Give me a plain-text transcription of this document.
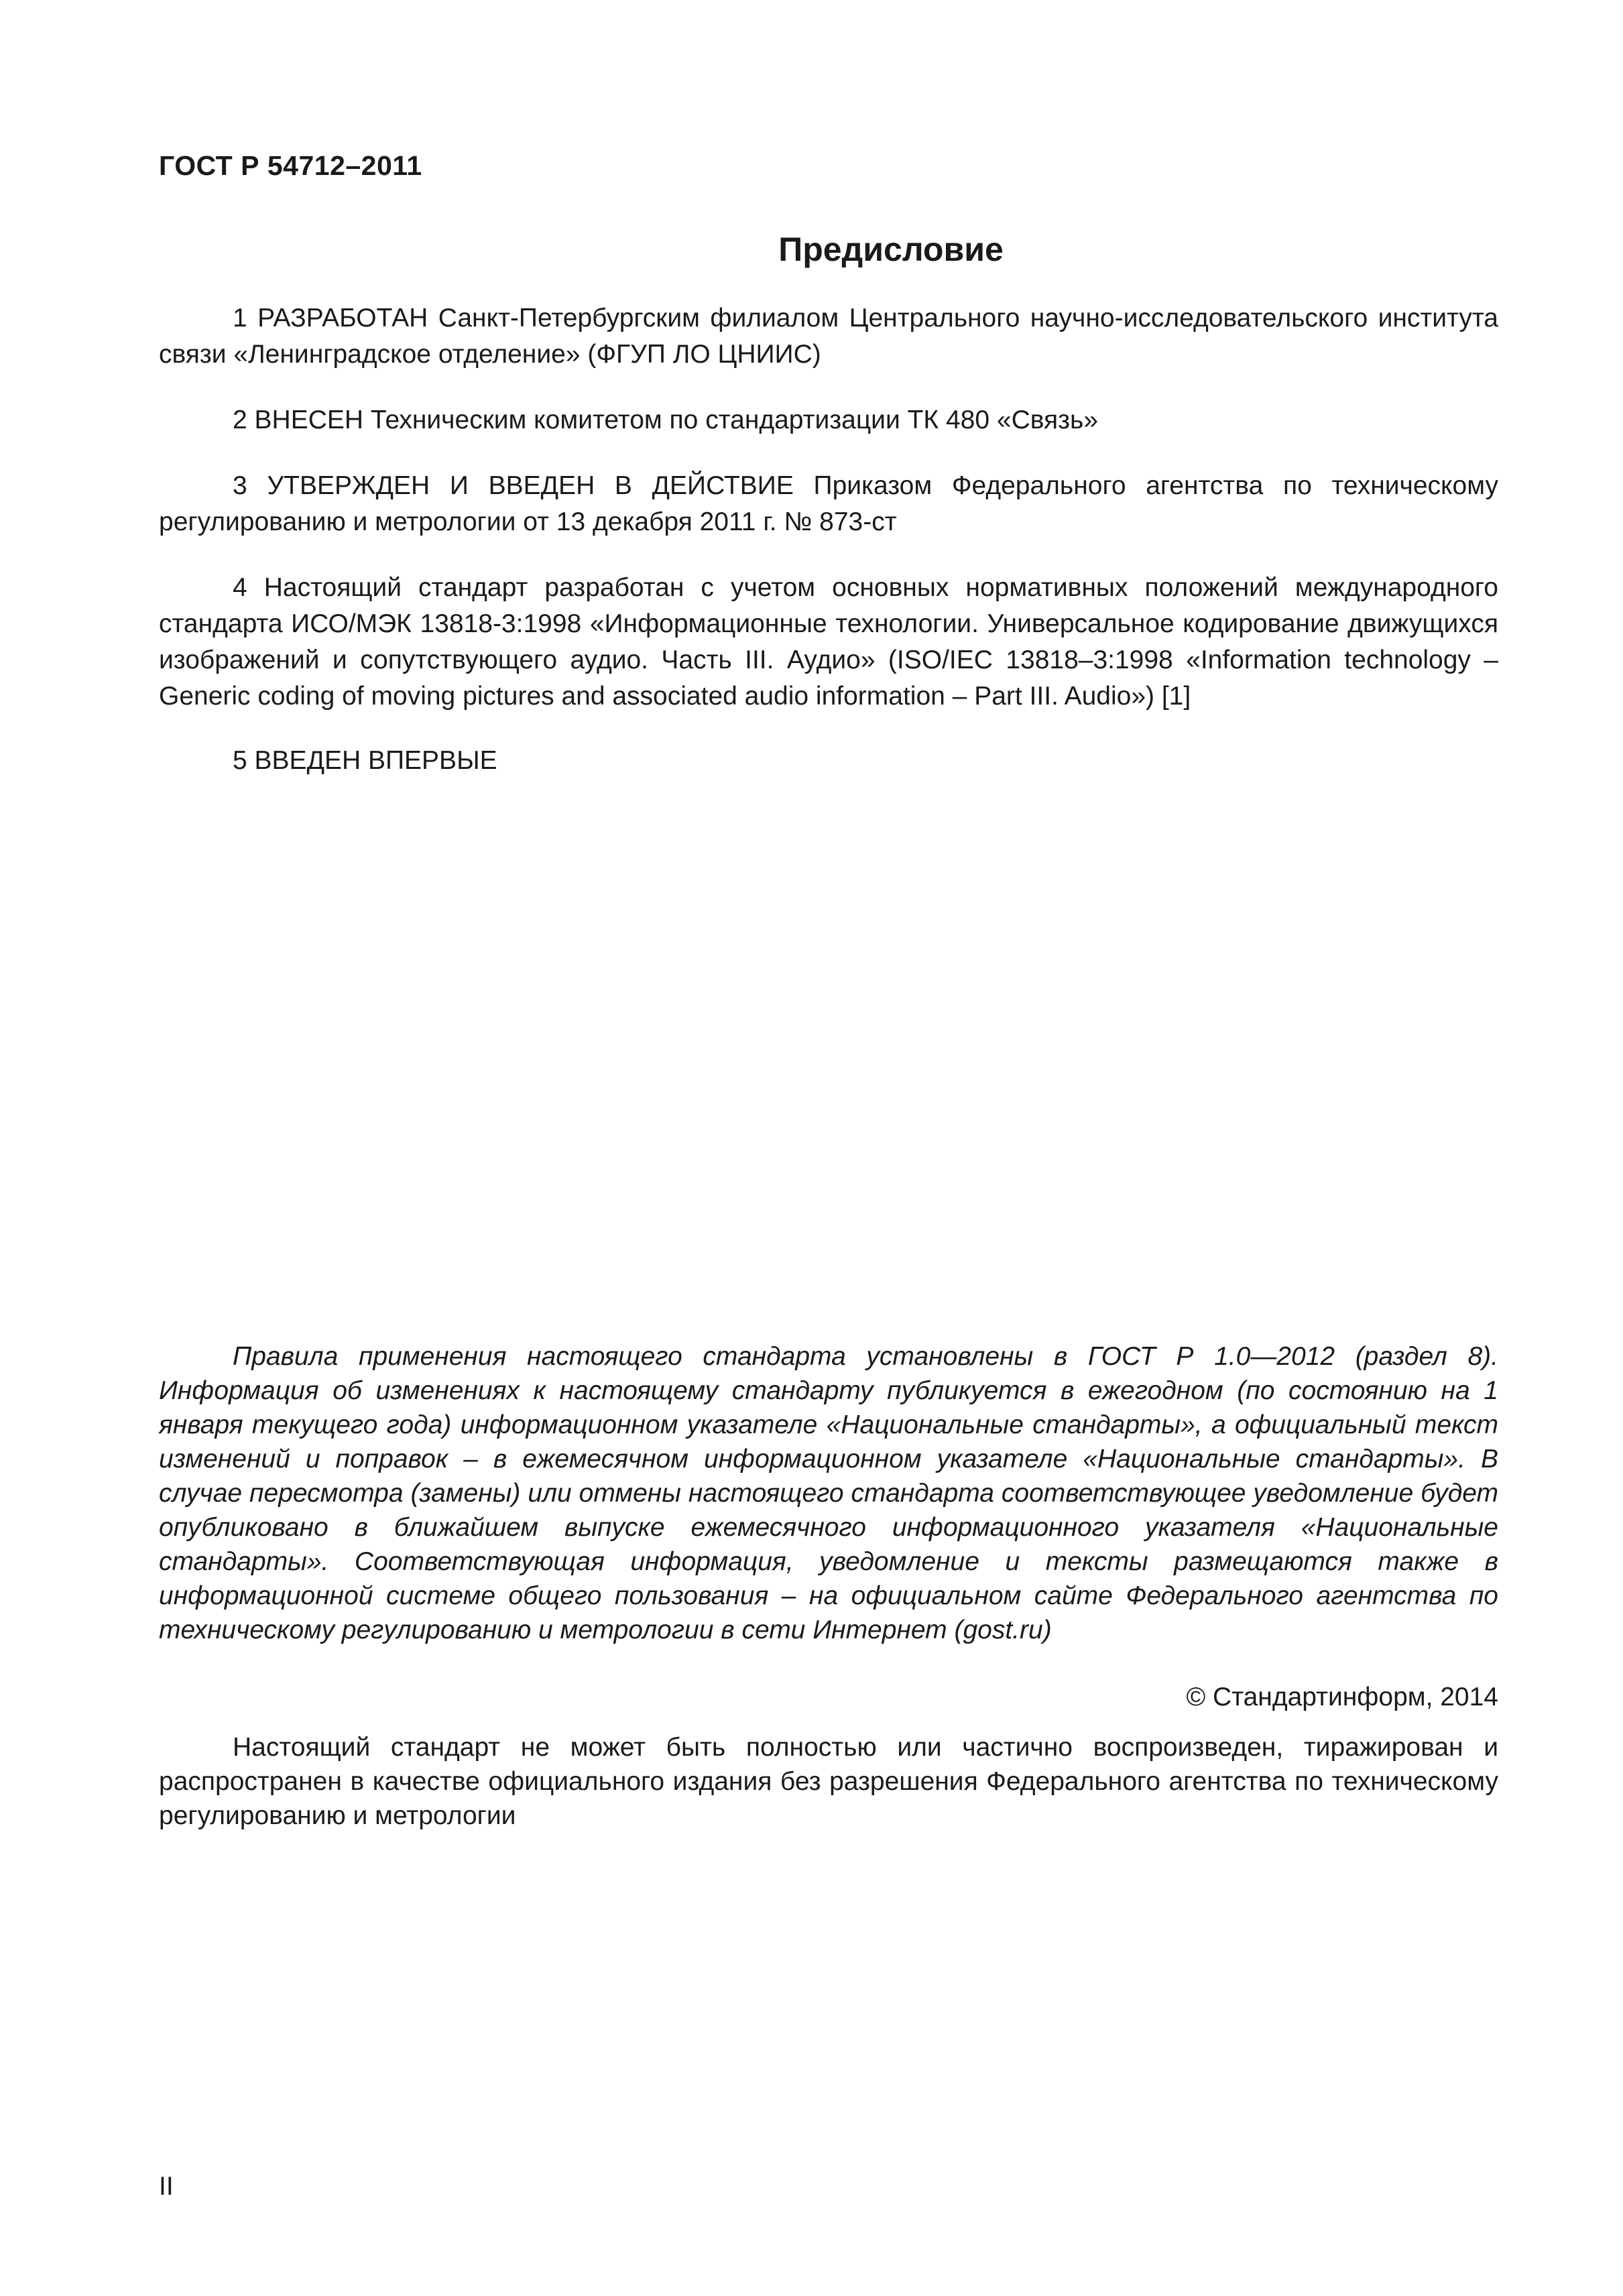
ГОСТ Р 54712–2011
Предисловие

1 РАЗРАБОТАН Санкт-Петербургским филиалом Центрального научно-исследовательского института связи «Ленинградское отделение» (ФГУП ЛО ЦНИИС)

2 ВНЕСЕН Техническим комитетом по стандартизации ТК 480 «Связь»

3 УТВЕРЖДЕН И ВВЕДЕН В ДЕЙСТВИЕ Приказом Федерального агентства по техническому регулированию и метрологии от 13 декабря 2011 г. № 873-ст

4 Настоящий стандарт разработан с учетом основных нормативных положений международного стандарта ИСО/МЭК 13818-3:1998 «Информационные технологии. Универсальное кодирование движущихся изображений и сопутствующего аудио. Часть III. Аудио» (ISO/IEC 13818–3:1998 «Information technology – Generic coding of moving pictures and associated audio information – Part III. Audio») [1]

5 ВВЕДЕН ВПЕРВЫЕ

Правила применения настоящего стандарта установлены в ГОСТ Р 1.0—2012 (раздел 8). Информация об изменениях к настоящему стандарту публикуется в ежегодном (по состоянию на 1 января текущего года) информационном указателе «Национальные стандарты», а официальный текст изменений и поправок – в ежемесячном информационном указателе «Национальные стандарты». В случае пересмотра (замены) или отмены настоящего стандарта соответствующее уведомление будет опубликовано в ближайшем выпуске ежемесячного информационного указателя «Национальные стандарты». Соответствующая информация, уведомление и тексты размещаются также в информационной системе общего пользования – на официальном сайте Федерального агентства по техническому регулированию и метрологии в сети Интернет (gost.ru)

© Стандартинформ, 2014

Настоящий стандарт не может быть полностью или частично воспроизведен, тиражирован и распространен в качестве официального издания без разрешения Федерального агентства по техническому регулированию и метрологии

II
